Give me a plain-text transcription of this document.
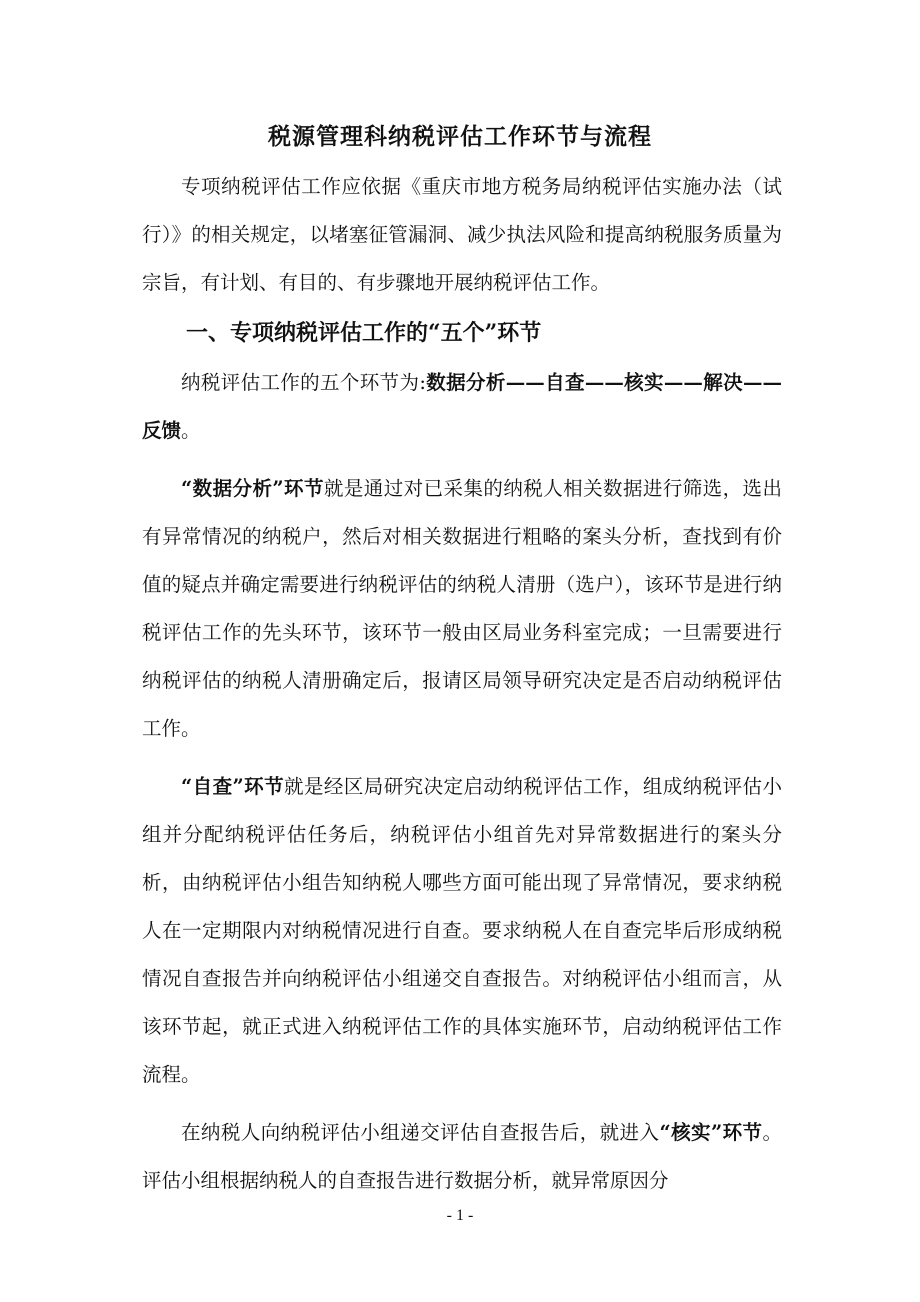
税源管理科纳税评估工作环节与流程

专项纳税评估工作应依据《重庆市地方税务局纳税评估实施办法（试行）》的相关规定，以堵塞征管漏洞、减少执法风险和提高纳税服务质量为宗旨，有计划、有目的、有步骤地开展纳税评估工作。

一、专项纳税评估工作的“五个”环节

纳税评估工作的五个环节为:数据分析——自查——核实——解决——反馈。

“数据分析”环节就是通过对已采集的纳税人相关数据进行筛选，选出有异常情况的纳税户，然后对相关数据进行粗略的案头分析，查找到有价值的疑点并确定需要进行纳税评估的纳税人清册（选户），该环节是进行纳税评估工作的先头环节，该环节一般由区局业务科室完成；一旦需要进行纳税评估的纳税人清册确定后，报请区局领导研究决定是否启动纳税评估工作。

“自查”环节就是经区局研究决定启动纳税评估工作，组成纳税评估小组并分配纳税评估任务后，纳税评估小组首先对异常数据进行的案头分析，由纳税评估小组告知纳税人哪些方面可能出现了异常情况，要求纳税人在一定期限内对纳税情况进行自查。要求纳税人在自查完毕后形成纳税情况自查报告并向纳税评估小组递交自查报告。对纳税评估小组而言，从该环节起，就正式进入纳税评估工作的具体实施环节，启动纳税评估工作流程。

在纳税人向纳税评估小组递交评估自查报告后，就进入“核实”环节。评估小组根据纳税人的自查报告进行数据分析，就异常原因分

- 1 -
